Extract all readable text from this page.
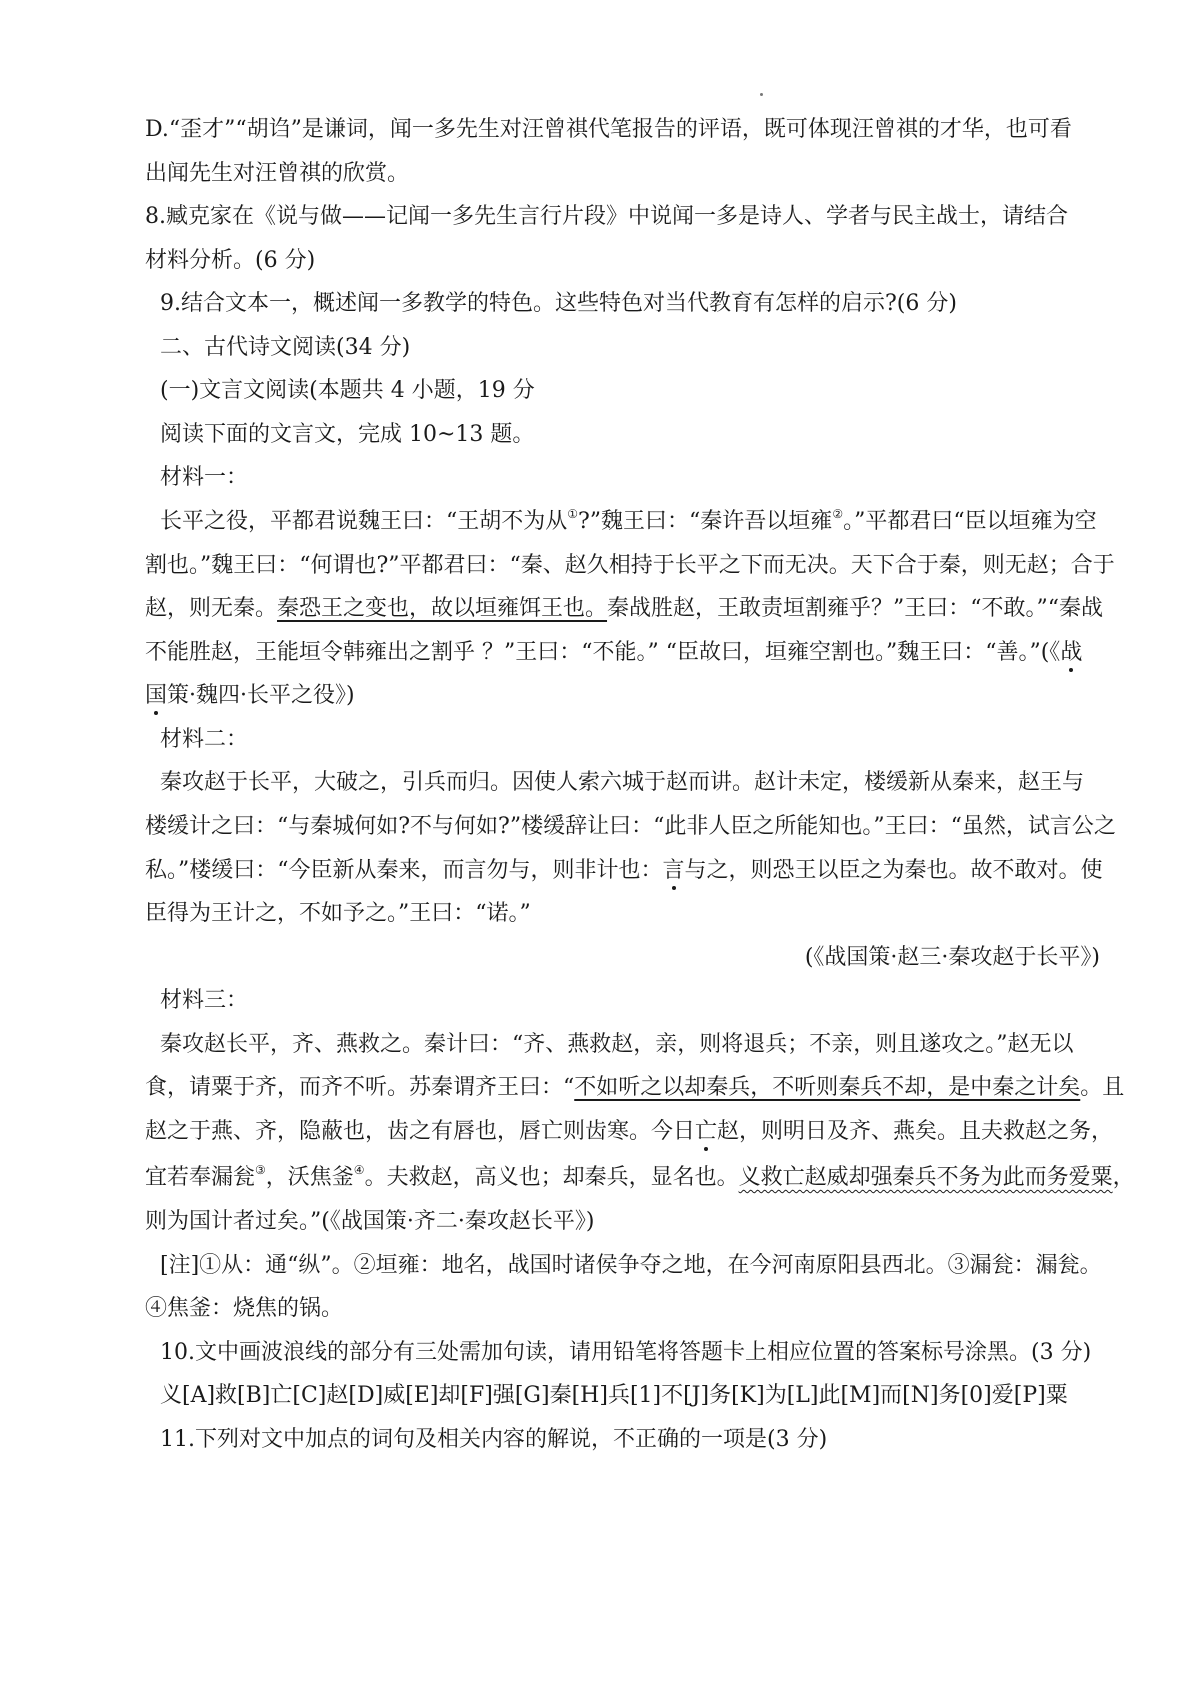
D.“歪才”“胡诌”是谦词，闻一多先生对汪曾祺代笔报告的评语，既可体现汪曾祺的才华，也可看
出闻先生对汪曾祺的欣赏。
8.臧克家在《说与做——记闻一多先生言行片段》中说闻一多是诗人、学者与民主战士，请结合
材料分析。(6 分)
9.结合文本一，概述闻一多教学的特色。这些特色对当代教育有怎样的启示?(6 分)
二、古代诗文阅读(34 分)
(一)文言文阅读(本题共 4 小题，19 分
阅读下面的文言文，完成 10~13 题。
材料一：
长平之役，平都君说魏王曰：“王胡不为从①?”魏王曰：“秦许吾以垣雍②。”平都君曰“臣以垣雍为空
割也。”魏王曰：“何谓也?”平都君曰：“秦、赵久相持于长平之下而无决。天下合于秦，则无赵；合于
赵，则无秦。秦恐王之变也，故以垣雍饵王也。秦战胜赵，王敢责垣割雍乎？”王曰：“不敢。”“秦战
不能胜赵，王能垣令韩雍出之割乎 ？”王曰：“不能。” “臣故曰，垣雍空割也。”魏王曰：“善。”(《战
国策·魏四·长平之役》)
材料二：
秦攻赵于长平，大破之，引兵而归。因使人索六城于赵而讲。赵计未定，楼缓新从秦来，赵王与
楼缓计之曰：“与秦城何如?不与何如?”楼缓辞让曰：“此非人臣之所能知也。”王曰：“虽然，试言公之
私。”楼缓曰：“今臣新从秦来，而言勿与，则非计也：言与之，则恐王以臣之为秦也。故不敢对。使
臣得为王计之，不如予之。”王曰：“诺。”
(《战国策·赵三·秦攻赵于长平》)
材料三：
秦攻赵长平，齐、燕救之。秦计曰：“齐、燕救赵，亲，则将退兵；不亲，则且遂攻之。”赵无以
食，请粟于齐，而齐不听。苏秦谓齐王曰：“不如听之以却秦兵，不听则秦兵不却，是中秦之计矣。且
赵之于燕、齐，隐蔽也，齿之有唇也，唇亡则齿寒。今日亡赵，则明日及齐、燕矣。且夫救赵之务，
宜若奉漏瓮③，沃焦釜④。夫救赵，高义也；却秦兵，显名也。义救亡赵威却强秦兵不务为此而务爱粟，
则为国计者过矣。”(《战国策·齐二·秦攻赵长平》)
[注]①从：通“纵”。②垣雍：地名，战国时诸侯争夺之地，在今河南原阳县西北。③漏瓮：漏瓮。
④焦釜：烧焦的锅。
10.文中画波浪线的部分有三处需加句读，请用铅笔将答题卡上相应位置的答案标号涂黑。(3 分)
义[A]救[B]亡[C]赵[D]威[E]却[F]强[G]秦[H]兵[1]不[J]务[K]为[L]此[M]而[N]务[0]爱[P]粟
11.下列对文中加点的词句及相关内容的解说，不正确的一项是(3 分)
